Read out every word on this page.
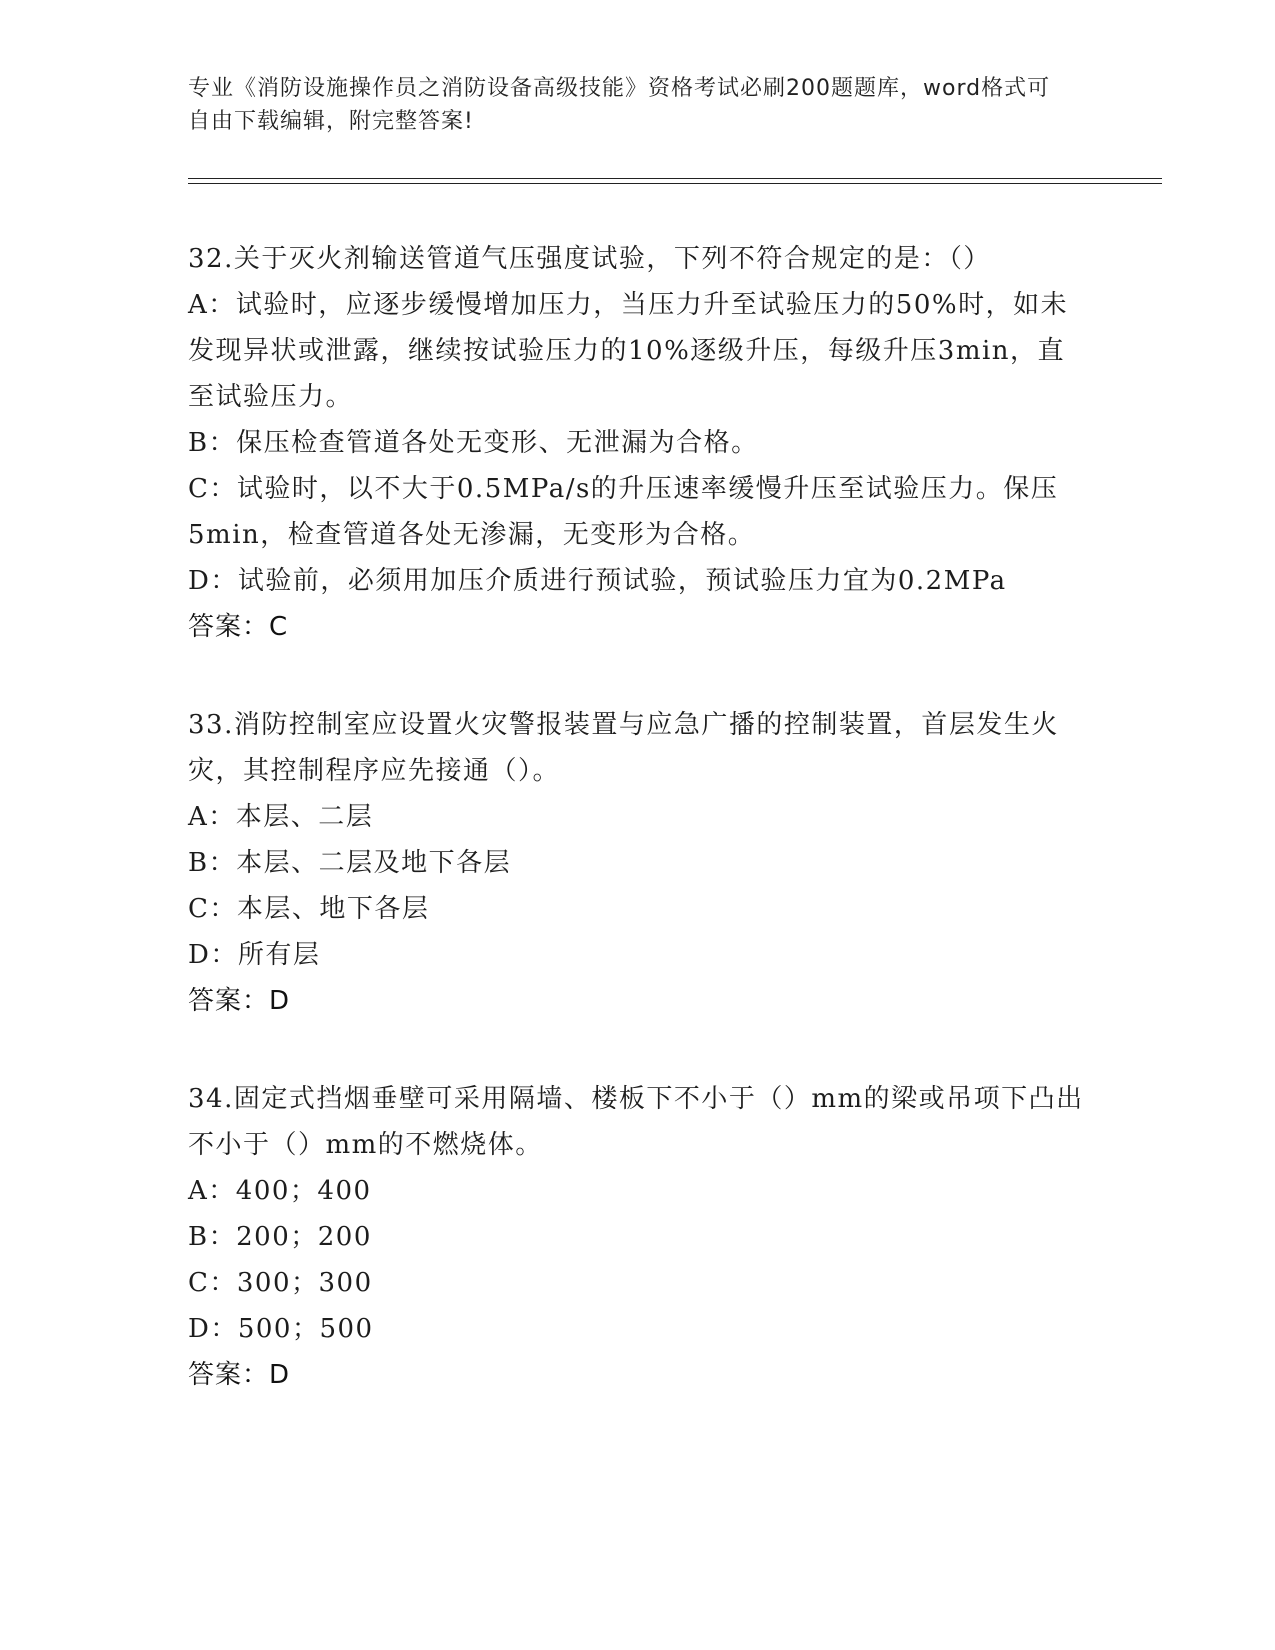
专业《消防设施操作员之消防设备高级技能》资格考试必刷200题题库，word格式可自由下载编辑，附完整答案!

32.关于灭火剂输送管道气压强度试验，下列不符合规定的是：（）

A：试验时，应逐步缓慢增加压力，当压力升至试验压力的50%时，如未发现异状或泄露，继续按试验压力的10%逐级升压，每级升压3min，直至试验压力。

B：保压检查管道各处无变形、无泄漏为合格。

C：试验时，以不大于0.5MPa/s的升压速率缓慢升压至试验压力。保压5min，检查管道各处无渗漏，无变形为合格。

D：试验前，必须用加压介质进行预试验，预试验压力宜为0.2MPa

答案：C

33.消防控制室应设置火灾警报装置与应急广播的控制装置，首层发生火灾，其控制程序应先接通（）。

A：本层、二层

B：本层、二层及地下各层

C：本层、地下各层

D：所有层

答案：D

34.固定式挡烟垂壁可采用隔墙、楼板下不小于（）mm的梁或吊项下凸出不小于（）mm的不燃烧体。

A：400；400

B：200；200

C：300；300

D：500；500

答案：D
